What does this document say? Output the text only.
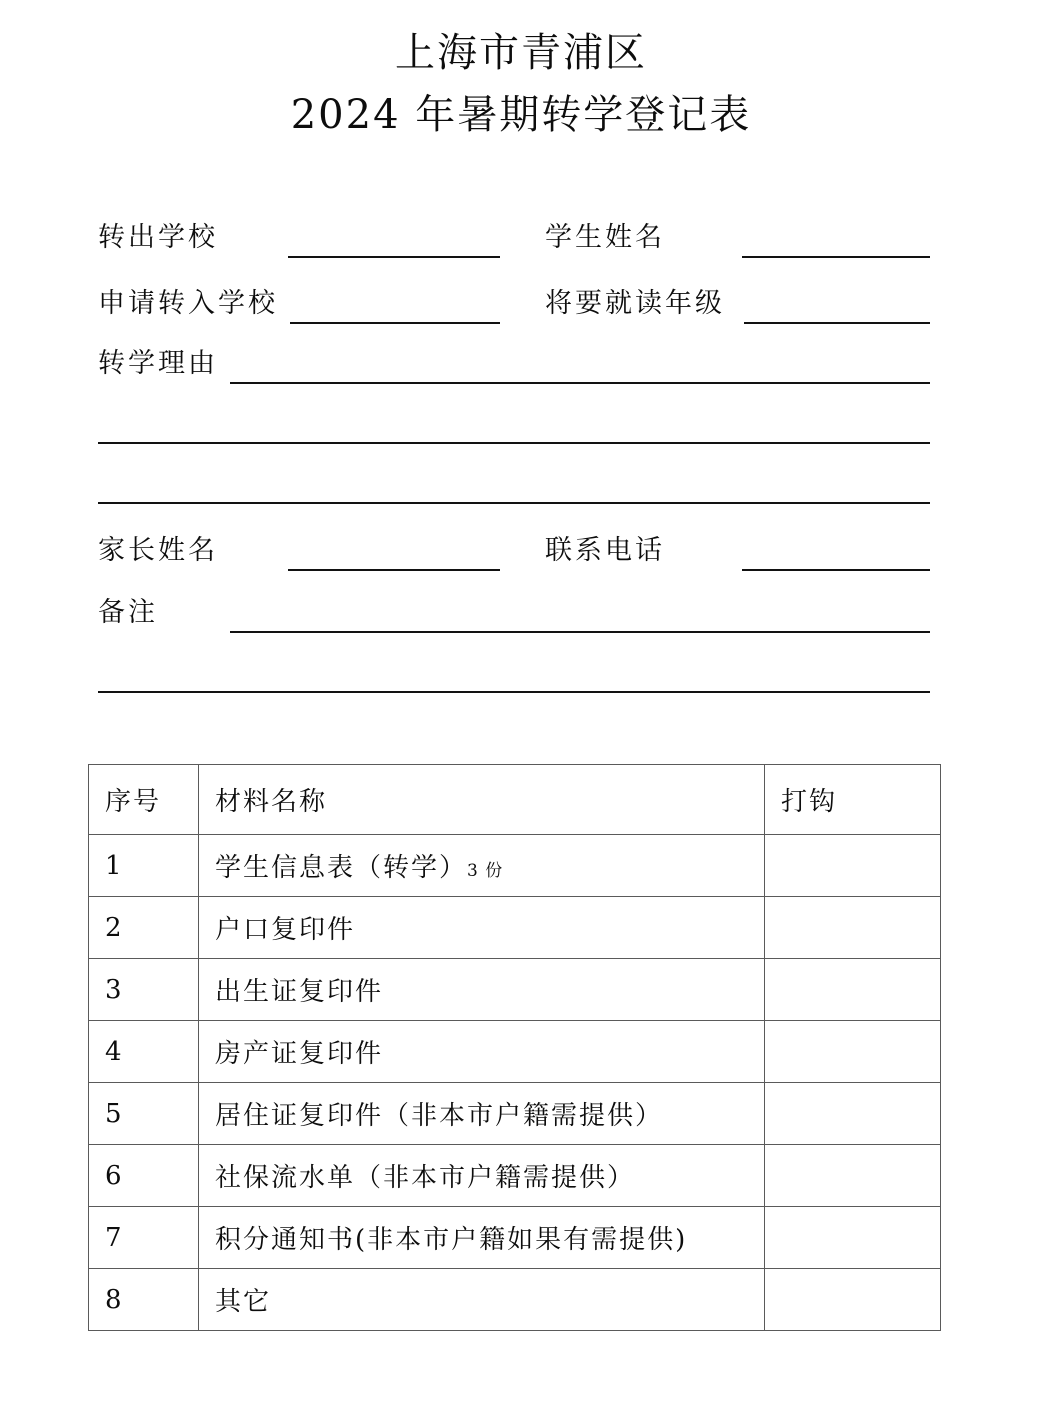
上海市青浦区
2024 年暑期转学登记表
转出学校	学生姓名
申请转入学校	将要就读年级
转学理由
家长姓名	联系电话
备注
序号	材料名称	打钩
1	学生信息表（转学）3 份	
2	户口复印件	
3	出生证复印件	
4	房产证复印件	
5	居住证复印件（非本市户籍需提供）	
6	社保流水单（非本市户籍需提供）	
7	积分通知书(非本市户籍如果有需提供)	
8	其它	
